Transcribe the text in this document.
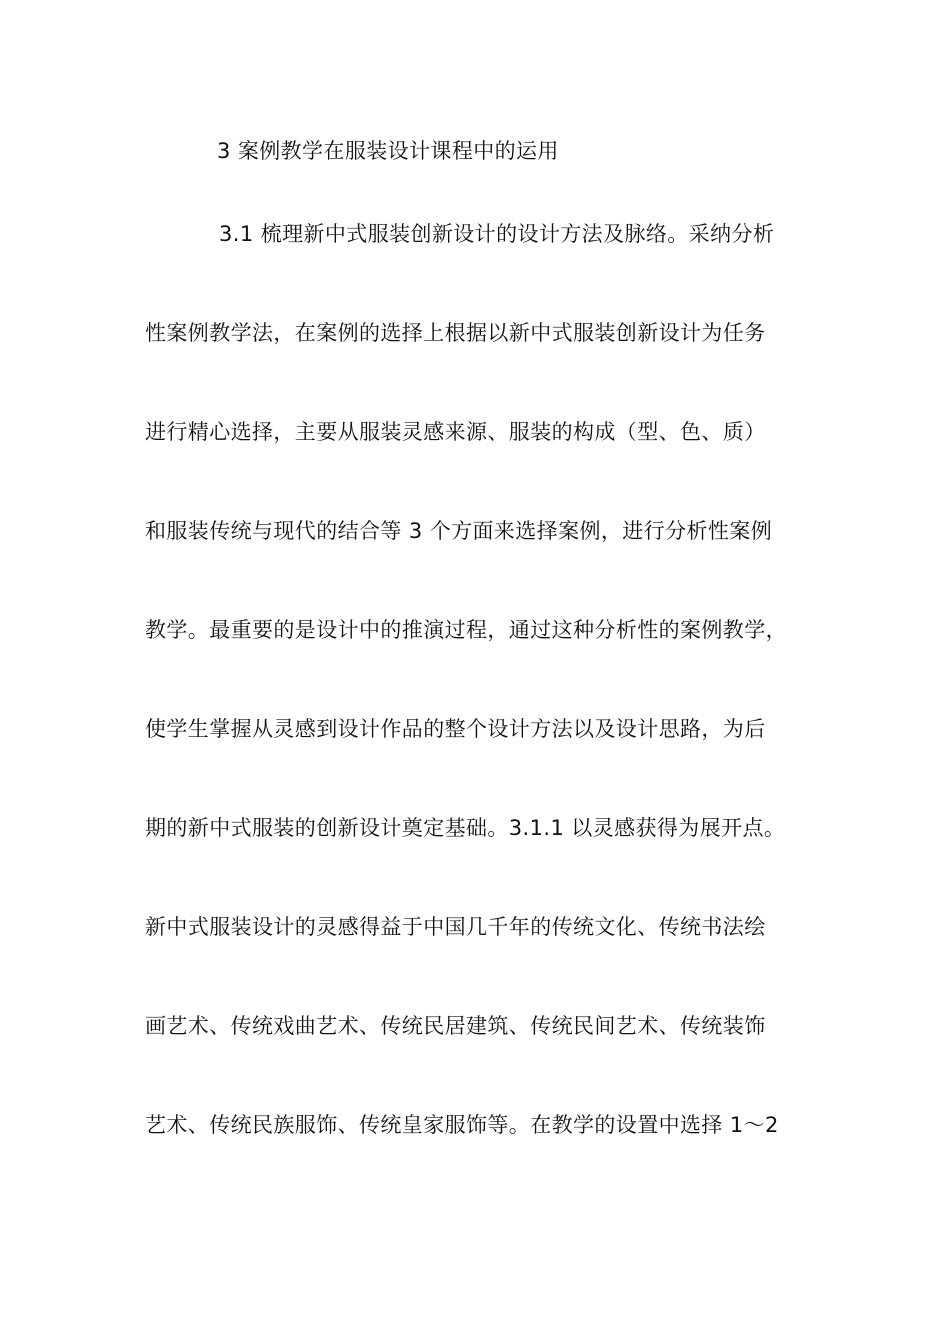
3 案例教学在服装设计课程中的运用
3.1 梳理新中式服装创新设计的设计方法及脉络。采纳分析
性案例教学法，在案例的选择上根据以新中式服装创新设计为任务
进行精心选择，主要从服装灵感来源、服装的构成（型、色、质）
和服装传统与现代的结合等 3 个方面来选择案例，进行分析性案例
教学。最重要的是设计中的推演过程，通过这种分析性的案例教学，
使学生掌握从灵感到设计作品的整个设计方法以及设计思路，为后
期的新中式服装的创新设计奠定基础。3.1.1 以灵感获得为展开点。
新中式服装设计的灵感得益于中国几千年的传统文化、传统书法绘
画艺术、传统戏曲艺术、传统民居建筑、传统民间艺术、传统装饰
艺术、传统民族服饰、传统皇家服饰等。在教学的设置中选择 1～2
